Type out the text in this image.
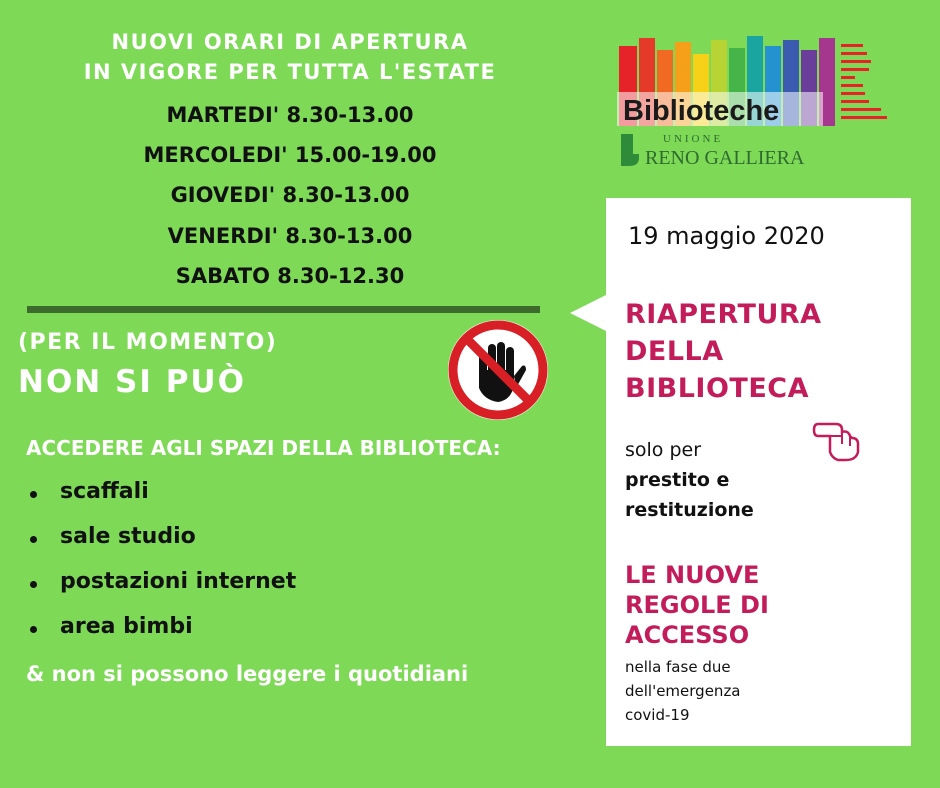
NUOVI ORARI DI APERTURA
IN VIGORE PER TUTTA L'ESTATE
MARTEDI' 8.30-13.00
MERCOLEDI' 15.00-19.00
GIOVEDI' 8.30-13.00
VENERDI' 8.30-13.00
SABATO 8.30-12.30
(PER IL MOMENTO)
NON SI PUÒ
ACCEDERE AGLI SPAZI DELLA BIBLIOTECA:
scaffali
sale studio
postazioni internet
area bimbi
& non si possono leggere i quotidiani
Biblioteche
UNIONE
RENO GALLIERA
19 maggio 2020
RIAPERTURA
DELLA
BIBLIOTECA
solo per
prestito e
restituzione
LE NUOVE
REGOLE DI
ACCESSO
nella fase due
dell'emergenza
covid-19
